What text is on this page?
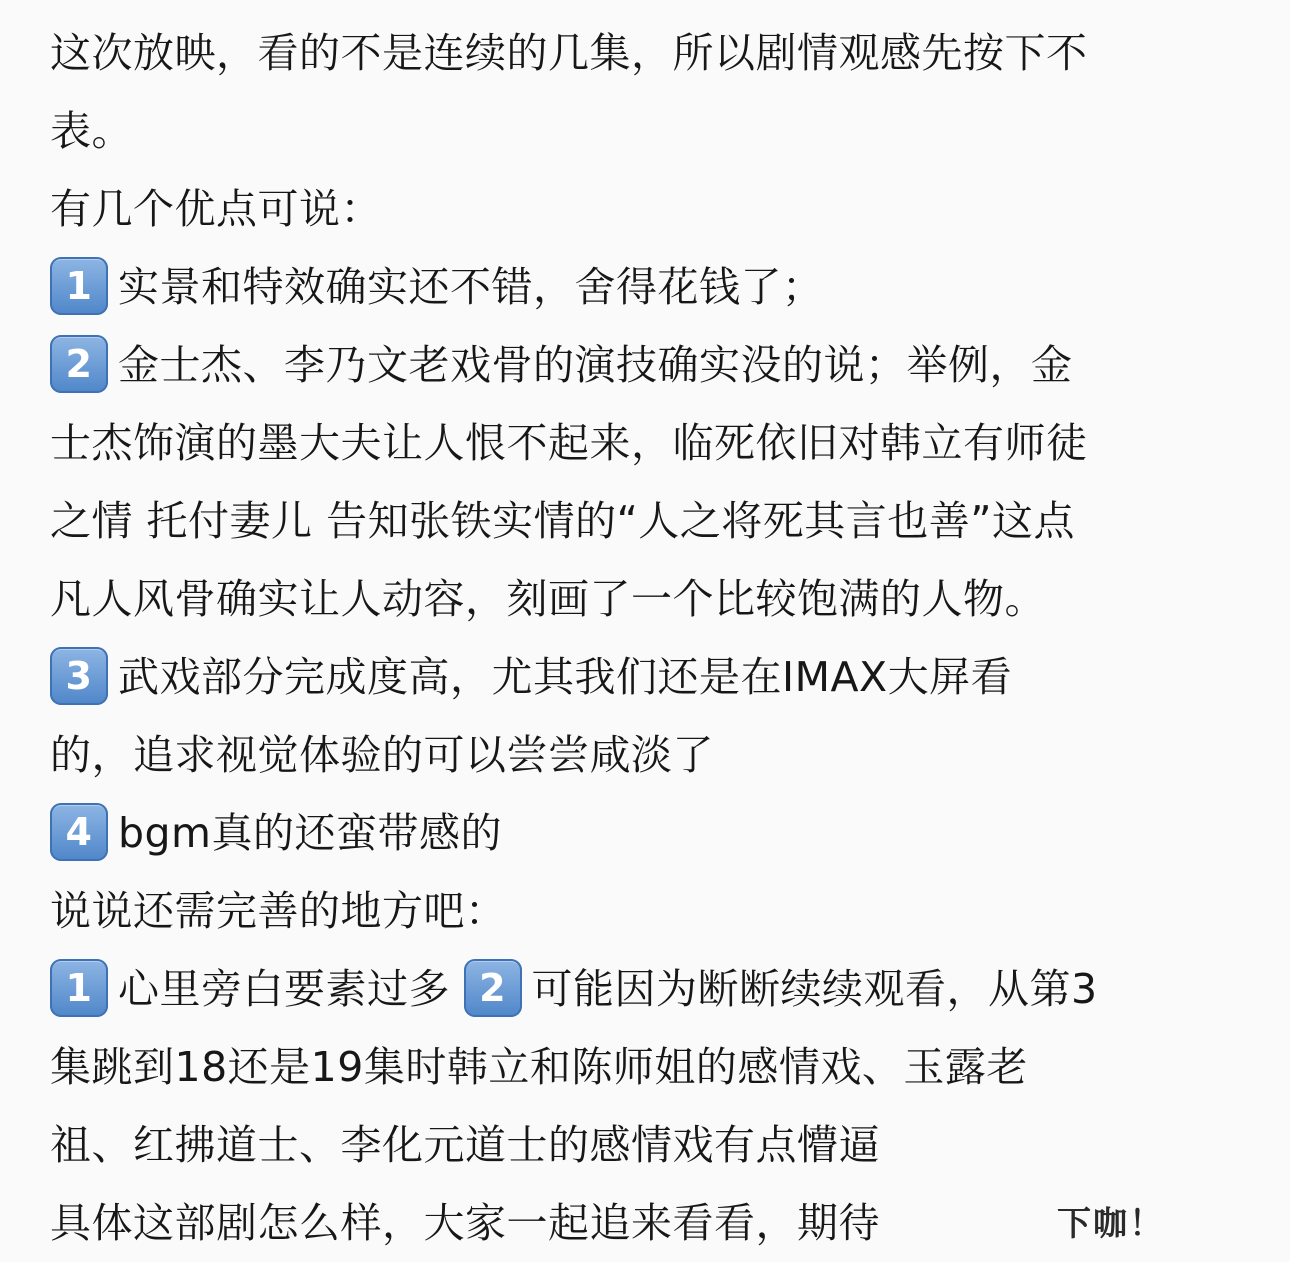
这次放映，看的不是连续的几集，所以剧情观感先按下不
表。
有几个优点可说：
1 实景和特效确实还不错，舍得花钱了；
2 金士杰、李乃文老戏骨的演技确实没的说；举例，金
士杰饰演的墨大夫让人恨不起来，临死依旧对韩立有师徒
之情 托付妻儿 告知张铁实情的“人之将死其言也善”这点
凡人风骨确实让人动容，刻画了一个比较饱满的人物。
3 武戏部分完成度高，尤其我们还是在IMAX大屏看
的，追求视觉体验的可以尝尝咸淡了
4 bgm真的还蛮带感的
说说还需完善的地方吧：
1 心里旁白要素过多 2 可能因为断断续续观看，从第3
集跳到18还是19集时韩立和陈师姐的感情戏、玉露老
祖、红拂道士、李化元道士的感情戏有点懵逼
具体这部剧怎么样，大家一起追来看看，期待	下咖！
